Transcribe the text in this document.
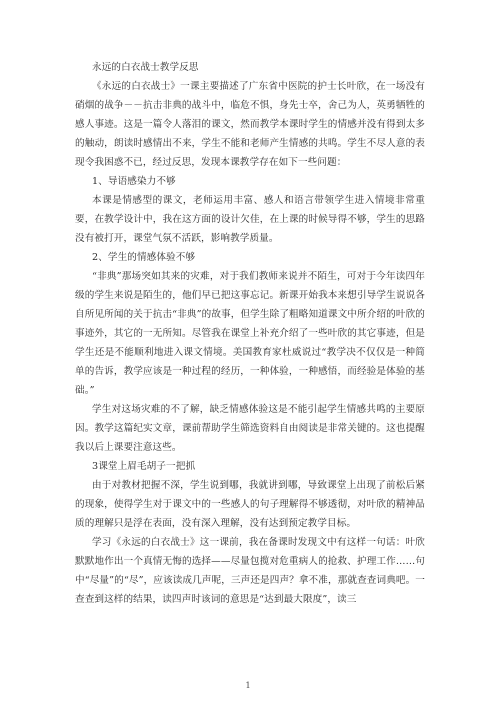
永远的白衣战士教学反思

《永远的白衣战士》一课主要描述了广东省中医院的护士长叶欣，在一场没有硝烟的战争－－抗击非典的战斗中，临危不惧，身先士卒，舍己为人，英勇牺牲的感人事迹。这是一篇令人落泪的课文，然而教学本课时学生的情感并没有得到太多的触动，朗读时感情出不来，学生不能和老师产生情感的共鸣。学生不尽人意的表现令我困惑不已，经过反思，发现本课教学存在如下一些问题：

1、导语感染力不够

本课是情感型的课文，老师运用丰富、感人和语言带领学生进入情境非常重要，在教学设计中，我在这方面的设计欠佳，在上课的时候导得不够，学生的思路没有被打开，课堂气氛不活跃，影响教学质量。

2、学生的情感体验不够

“非典”那场突如其来的灾难，对于我们教师来说并不陌生，可对于今年读四年级的学生来说是陌生的，他们早已把这事忘记。新课开始我本来想引导学生说说各自所见所闻的关于抗击“非典”的故事，但学生除了粗略知道课文中所介绍的叶欣的事迹外，其它的一无所知。尽管我在课堂上补充介绍了一些叶欣的其它事迹，但是学生还是不能顺利地进入课文情境。美国教育家杜威说过“教学决不仅仅是一种简单的告诉，教学应该是一种过程的经历，一种体验，一种感悟，而经验是体验的基础。”

学生对这场灾难的不了解，缺乏情感体验这是不能引起学生情感共鸣的主要原因。教学这篇纪实文章，课前帮助学生筛选资料自由阅读是非常关键的。这也提醒我以后上课要注意这些。

3课堂上眉毛胡子一把抓

由于对教材把握不深，学生说到哪，我就讲到哪，导致课堂上出现了前松后紧的现象，使得学生对于课文中的一些感人的句子理解得不够透彻，对叶欣的精神品质的理解只是浮在表面，没有深入理解，没有达到预定教学目标。

学习《永远的白衣战士》这一课前，我在备课时发现文中有这样一句话：叶欣默默地作出一个真情无悔的选择——尽量包揽对危重病人的抢救、护理工作……句中“尽量”的“尽”，应该读成几声呢，三声还是四声？拿不准，那就查查词典吧。一查查到这样的结果，读四声时该词的意思是“达到最大限度”，读三

1
